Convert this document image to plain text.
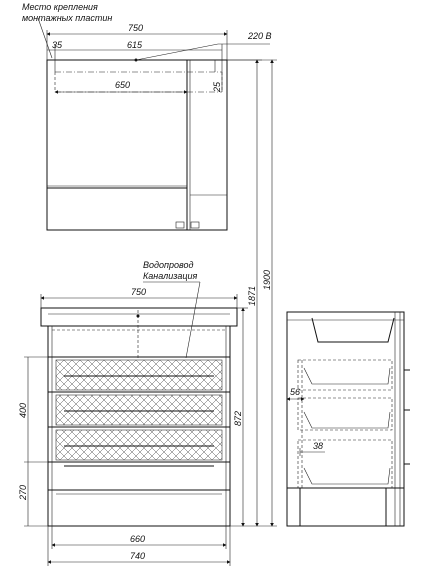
750
35	615
650	25
220 В
Место крепления
монтажных пластин
750
Водопровод
Канализация
400
270
872
1871
1900
660
740
56
38
